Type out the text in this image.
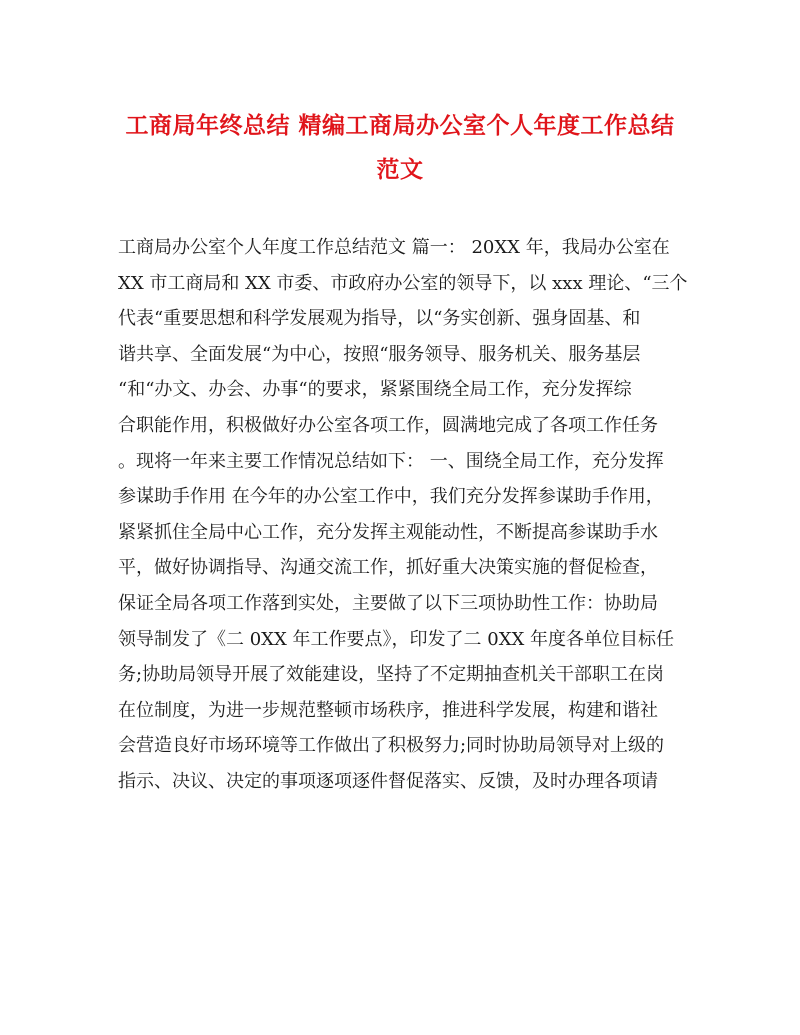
工商局年终总结 精编工商局办公室个人年度工作总结
范文
工商局办公室个人年度工作总结范文 篇一： 20XX 年，我局办公室在
XX 市工商局和 XX 市委、市政府办公室的领导下，以 xxx 理论、“三个
代表“重要思想和科学发展观为指导，以“务实创新、强身固基、和
谐共享、全面发展“为中心，按照“服务领导、服务机关、服务基层
“和“办文、办会、办事“的要求，紧紧围绕全局工作，充分发挥综
合职能作用，积极做好办公室各项工作，圆满地完成了各项工作任务
。现将一年来主要工作情况总结如下： 一、围绕全局工作，充分发挥
参谋助手作用 在今年的办公室工作中，我们充分发挥参谋助手作用，
紧紧抓住全局中心工作，充分发挥主观能动性，不断提高参谋助手水
平，做好协调指导、沟通交流工作，抓好重大决策实施的督促检查，
保证全局各项工作落到实处，主要做了以下三项协助性工作：协助局
领导制发了《二 0XX 年工作要点》，印发了二 0XX 年度各单位目标任
务;协助局领导开展了效能建设，坚持了不定期抽查机关干部职工在岗
在位制度，为进一步规范整顿市场秩序，推进科学发展，构建和谐社
会营造良好市场环境等工作做出了积极努力;同时协助局领导对上级的
指示、决议、决定的事项逐项逐件督促落实、反馈，及时办理各项请
